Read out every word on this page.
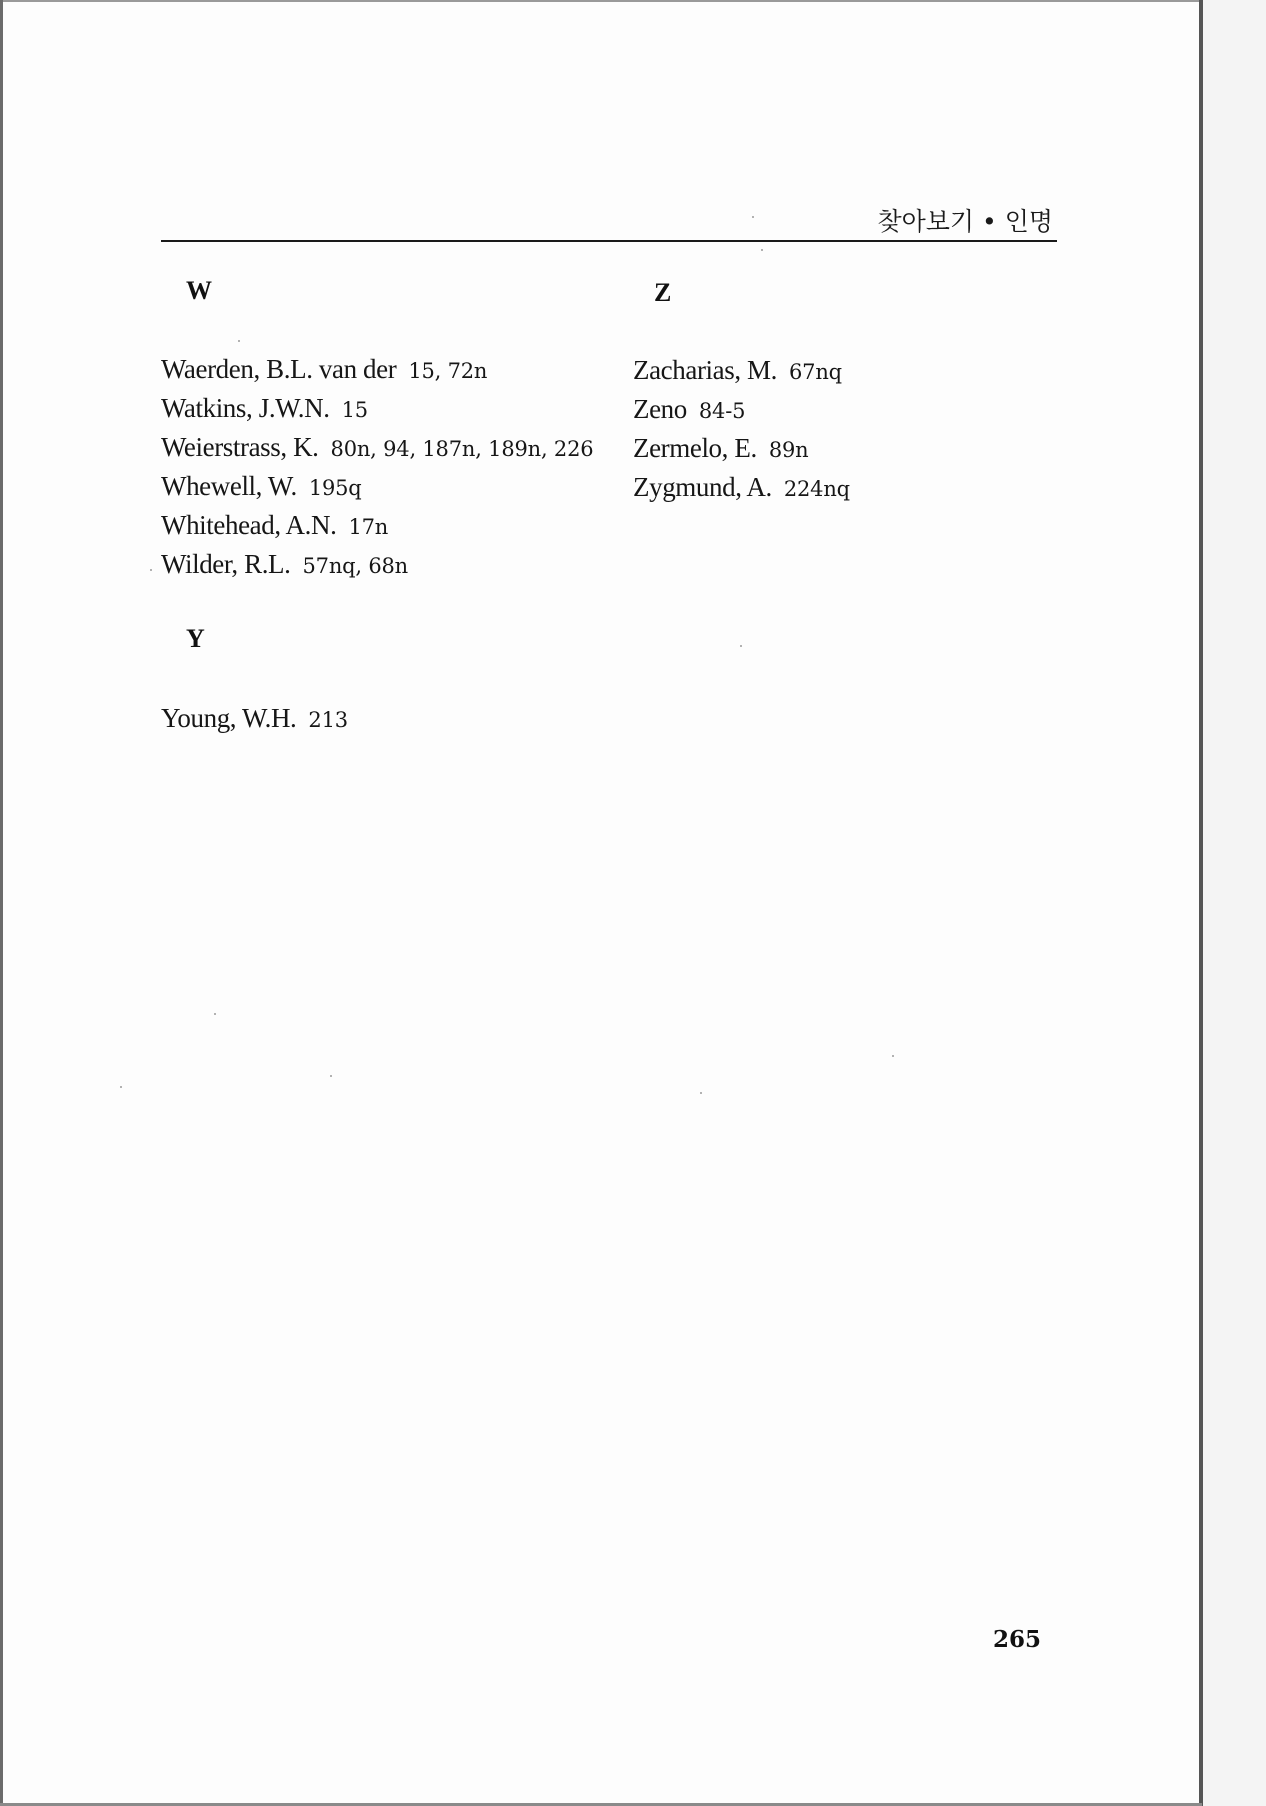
찾아보기 • 인명
W
Waerden, B.L. van der 15, 72n
Watkins, J.W.N. 15
Weierstrass, K. 80n, 94, 187n, 189n, 226
Whewell, W. 195q
Whitehead, A.N. 17n
Wilder, R.L. 57nq, 68n
Y
Young, W.H. 213
Z
Zacharias, M. 67nq
Zeno 84-5
Zermelo, E. 89n
Zygmund, A. 224nq
265
